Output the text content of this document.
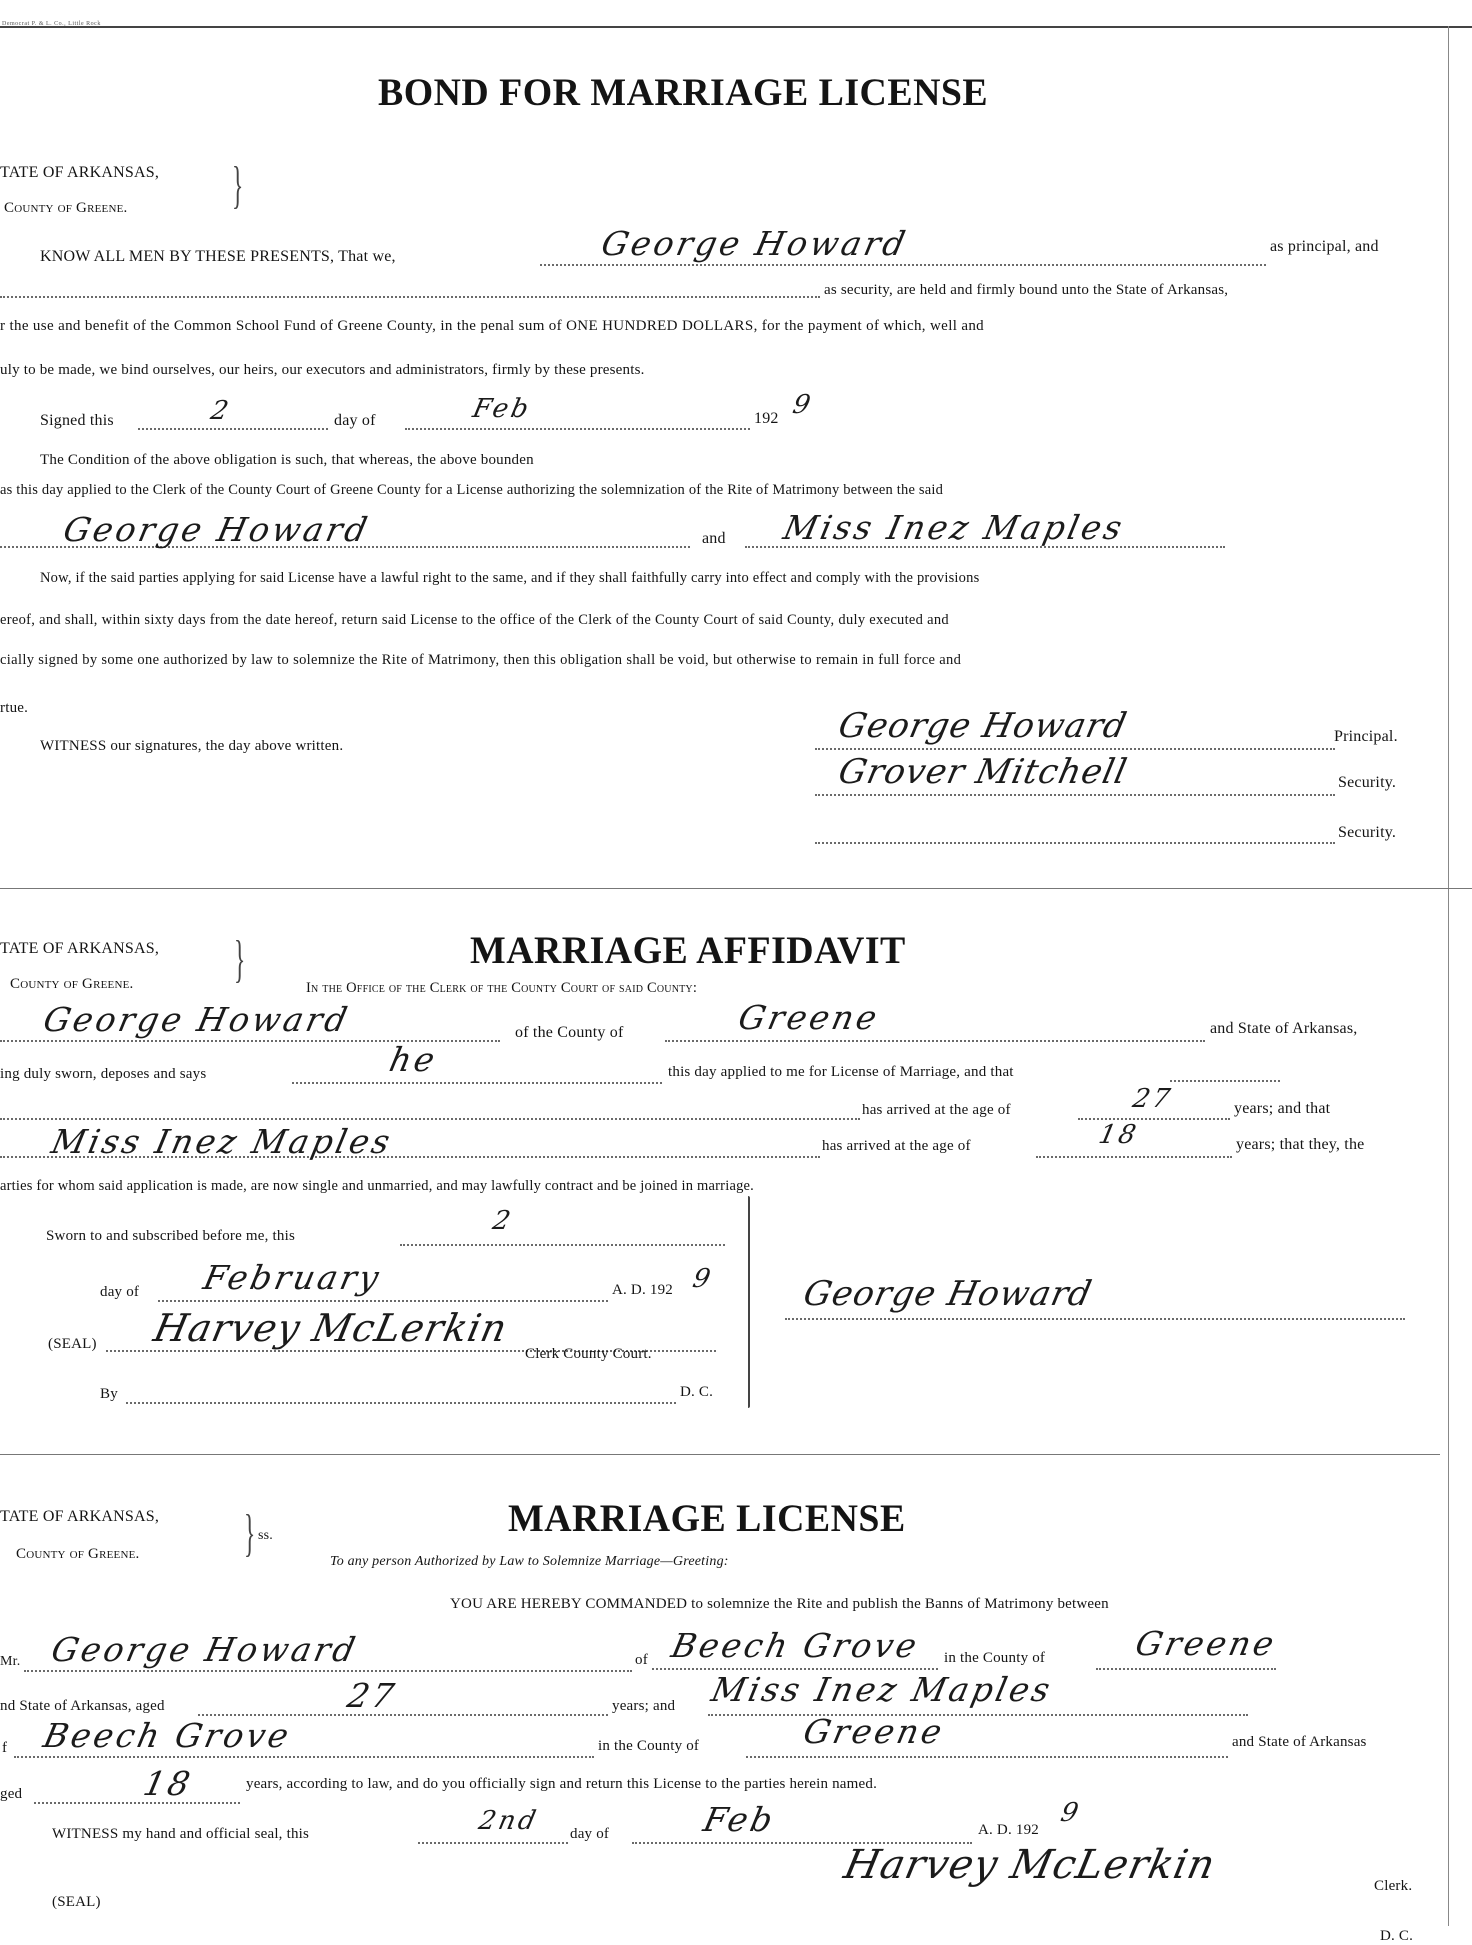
Democrat P. & L. Co., Little Rock
BOND FOR MARRIAGE LICENSE
TATE OF ARKANSAS,
County of Greene. }
KNOW ALL MEN BY THESE PRESENTS, That we,	George Howard	as principal, and
as security, are held and firmly bound unto the State of Arkansas,
r the use and benefit of the Common School Fund of Greene County, in the penal sum of ONE HUNDRED DOLLARS, for the payment of which, well and
uly to be made, we bind ourselves, our heirs, our executors and administrators, firmly by these presents.
Signed this	2	day of	Feb	192 9
The Condition of the above obligation is such, that whereas, the above bounden
as this day applied to the Clerk of the County Court of Greene County for a License authorizing the solemnization of the Rite of Matrimony between the said
George Howard	and Miss Inez Maples
Now, if the said parties applying for said License have a lawful right to the same, and if they shall faithfully carry into effect and comply with the provisions
ereof, and shall, within sixty days from the date hereof, return said License to the office of the Clerk of the County Court of said County, duly executed and
cially signed by some one authorized by law to solemnize the Rite of Matrimony, then this obligation shall be void, but otherwise to remain in full force and
rtue.
WITNESS our signatures, the day above written.	George Howard	Principal.
Grover Mitchell	Security.
Security.
TATE OF ARKANSAS,
County of Greene. }	MARRIAGE AFFIDAVIT
In the Office of the Clerk of the County Court of said County:
George Howard	of the County of	Greene	and State of Arkansas,
ing duly sworn, deposes and says	he	this day applied to me for License of Marriage, and that
has arrived at the age of	27	years; and that
Miss Inez Maples	has arrived at the age of	18	years; that they, the
arties for whom said application is made, are now single and unmarried, and may lawfully contract and be joined in marriage.
Sworn to and subscribed before me, this	2
day of February	A. D. 192 9
(SEAL) Harvey McLerkin
Clerk County Court.
By	D. C.
George Howard
TATE OF ARKANSAS,
County of Greene. } ss.	MARRIAGE LICENSE
To any person Authorized by Law to Solemnize Marriage—Greeting:
YOU ARE HEREBY COMMANDED to solemnize the Rite and publish the Banns of Matrimony between
Mr. George Howard	of Beech Grove in the County of	Greene
nd State of Arkansas, aged	27	years; and Miss Inez Maples
f Beech Grove	in the County of	Greene	and State of Arkansas
ged	18	years, according to law, and do you officially sign and return this License to the parties herein named.
WITNESS my hand and official seal, this	2nd day of	Feb	A. D. 192
9
(SEAL)
Harvey McLerkin	Clerk.
D. C.
